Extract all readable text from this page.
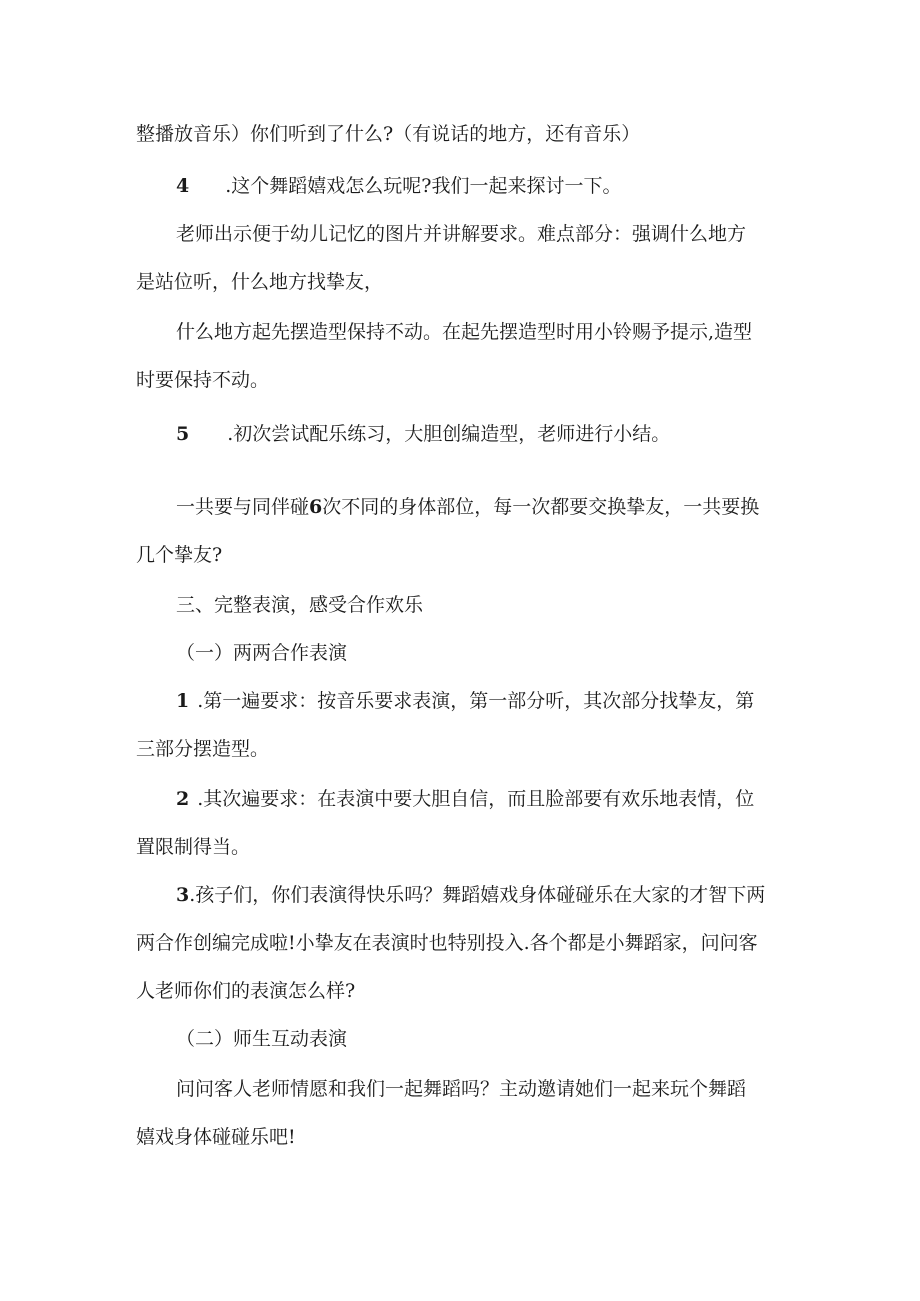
整播放音乐）你们听到了什么?（有说话的地方，还有音乐）
4 .这个舞蹈嬉戏怎么玩呢?我们一起来探讨一下。
老师出示便于幼儿记忆的图片并讲解要求。难点部分：强调什么地方
是站位听，什么地方找挚友，
什么地方起先摆造型保持不动。在起先摆造型时用小铃赐予提示,造型
时要保持不动。
5 .初次尝试配乐练习，大胆创编造型，老师进行小结。
一共要与同伴碰6次不同的身体部位，每一次都要交换挚友，一共要换
几个挚友?
三、完整表演，感受合作欢乐
（一）两两合作表演
1 .第一遍要求：按音乐要求表演，第一部分听，其次部分找挚友，第
三部分摆造型。
2 .其次遍要求：在表演中要大胆自信，而且脸部要有欢乐地表情，位
置限制得当。
3.孩子们，你们表演得快乐吗？舞蹈嬉戏身体碰碰乐在大家的才智下两
两合作创编完成啦!小挚友在表演时也特别投入.各个都是小舞蹈家，问问客
人老师你们的表演怎么样?
（二）师生互动表演
问问客人老师情愿和我们一起舞蹈吗？主动邀请她们一起来玩个舞蹈
嬉戏身体碰碰乐吧!
